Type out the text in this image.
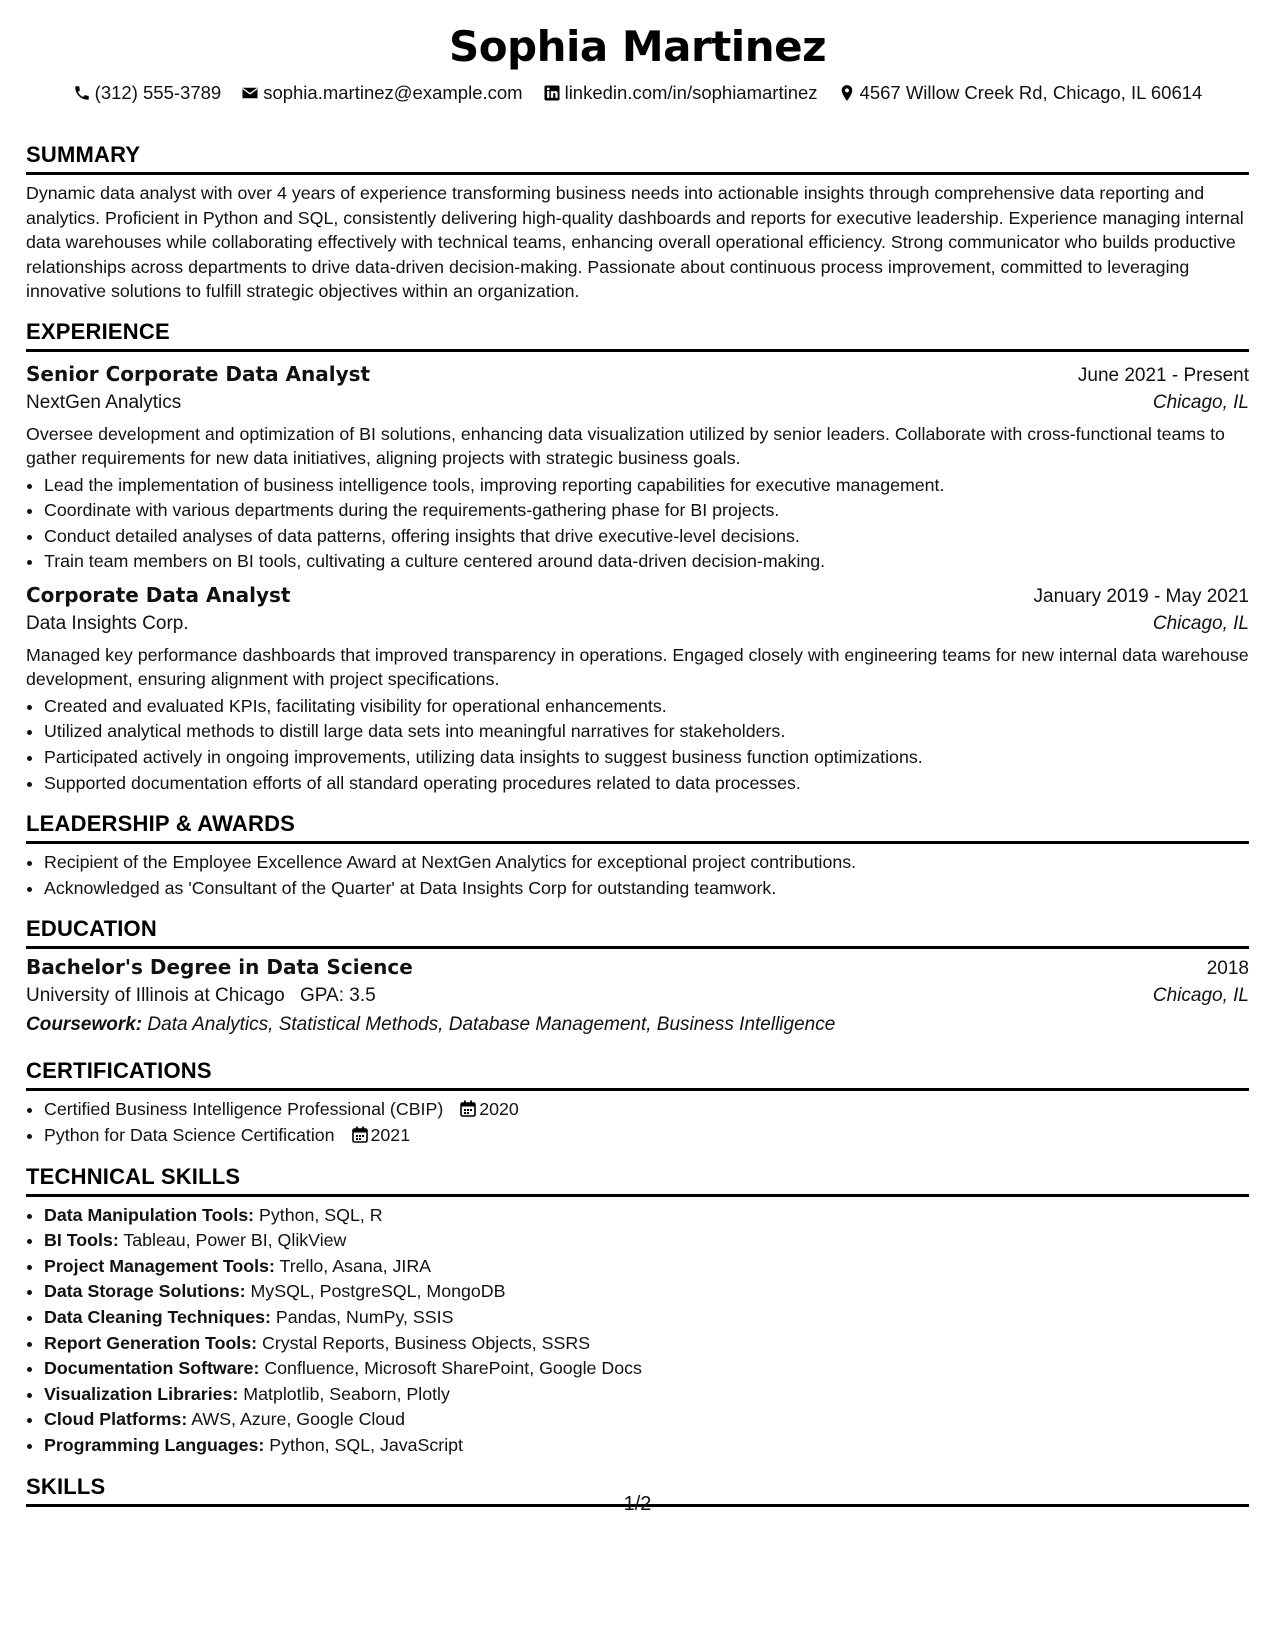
Sophia Martinez
(312) 555-3789 sophia.martinez@example.com linkedin.com/in/sophiamartinez 4567 Willow Creek Rd, Chicago, IL 60614
SUMMARY

Dynamic data analyst with over 4 years of experience transforming business needs into actionable insights through comprehensive data reporting and analytics. Proficient in Python and SQL, consistently delivering high-quality dashboards and reports for executive leadership. Experience managing internal data warehouses while collaborating effectively with technical teams, enhancing overall operational efficiency. Strong communicator who builds productive relationships across departments to drive data-driven decision-making. Passionate about continuous process improvement, committed to leveraging innovative solutions to fulfill strategic objectives within an organization.

EXPERIENCE
Senior Corporate Data Analyst	June 2021 - Present
NextGen Analytics	Chicago, IL

Oversee development and optimization of BI solutions, enhancing data visualization utilized by senior leaders. Collaborate with cross-functional teams to gather requirements for new data initiatives, aligning projects with strategic business goals.

• Lead the implementation of business intelligence tools, improving reporting capabilities for executive management.
• Coordinate with various departments during the requirements-gathering phase for BI projects.
• Conduct detailed analyses of data patterns, offering insights that drive executive-level decisions.
• Train team members on BI tools, cultivating a culture centered around data-driven decision-making.
Corporate Data Analyst	January 2019 - May 2021
Data Insights Corp.	Chicago, IL

Managed key performance dashboards that improved transparency in operations. Engaged closely with engineering teams for new internal data warehouse development, ensuring alignment with project specifications.

• Created and evaluated KPIs, facilitating visibility for operational enhancements.
• Utilized analytical methods to distill large data sets into meaningful narratives for stakeholders.
• Participated actively in ongoing improvements, utilizing data insights to suggest business function optimizations.
• Supported documentation efforts of all standard operating procedures related to data processes.
LEADERSHIP & AWARDS
• Recipient of the Employee Excellence Award at NextGen Analytics for exceptional project contributions.
• Acknowledged as 'Consultant of the Quarter' at Data Insights Corp for outstanding teamwork.
EDUCATION
Bachelor's Degree in Data Science	2018
University of Illinois at Chicago GPA: 3.5	Chicago, IL
Coursework: Data Analytics, Statistical Methods, Database Management, Business Intelligence
CERTIFICATIONS
• Certified Business Intelligence Professional (CBIP) 2020
• Python for Data Science Certification 2021
TECHNICAL SKILLS
• Data Manipulation Tools: Python, SQL, R
• BI Tools: Tableau, Power BI, QlikView
• Project Management Tools: Trello, Asana, JIRA
• Data Storage Solutions: MySQL, PostgreSQL, MongoDB
• Data Cleaning Techniques: Pandas, NumPy, SSIS
• Report Generation Tools: Crystal Reports, Business Objects, SSRS
• Documentation Software: Confluence, Microsoft SharePoint, Google Docs
• Visualization Libraries: Matplotlib, Seaborn, Plotly
• Cloud Platforms: AWS, Azure, Google Cloud
• Programming Languages: Python, SQL, JavaScript
SKILLS
1/2
